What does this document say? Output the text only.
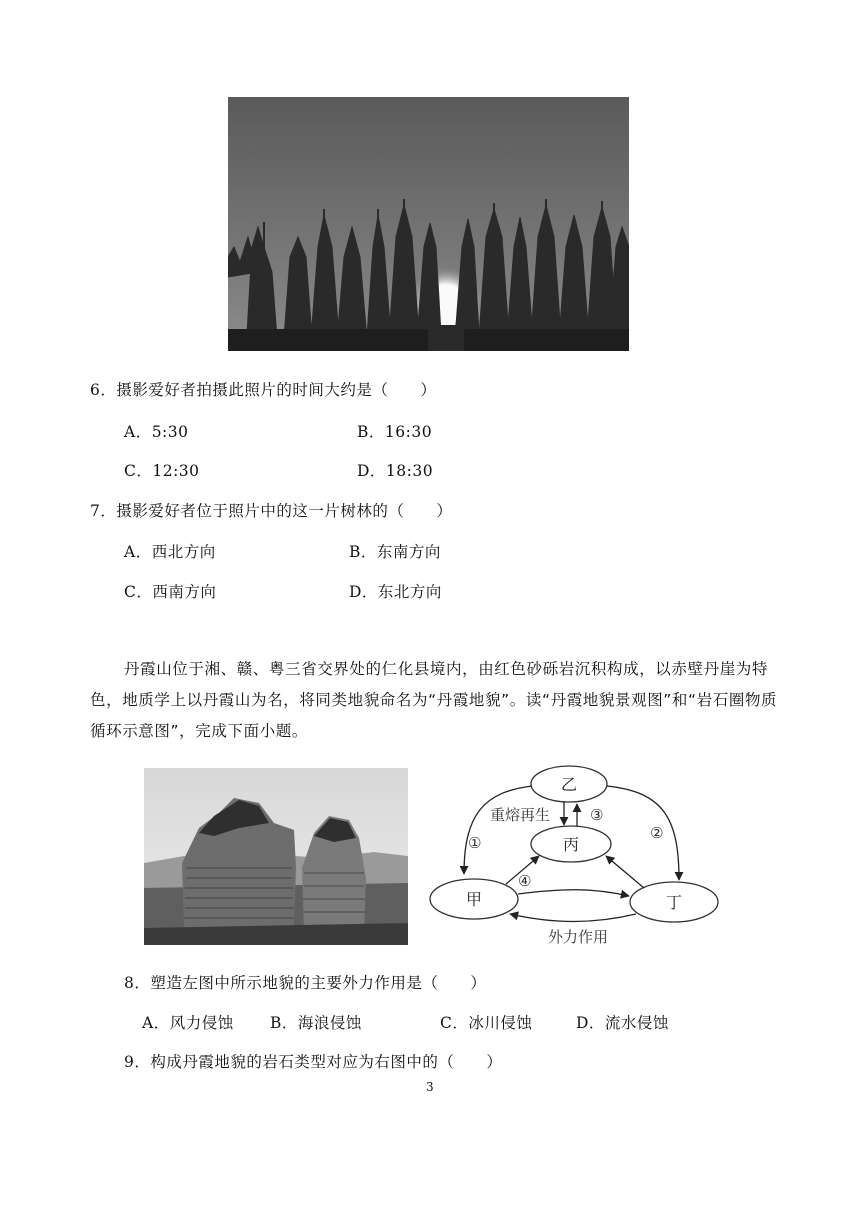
6．摄影爱好者拍摄此照片的时间大约是（　　）
A．5:30	B．16:30
C．12:30	D．18:30
7．摄影爱好者位于照片中的这一片树林的（　　）
A．西北方向	B．东南方向
C．西南方向	D．东北方向
丹霞山位于湘、赣、粤三省交界处的仁化县境内，由红色砂砾岩沉积构成，以赤壁丹崖为特色，地质学上以丹霞山为名，将同类地貌命名为“丹霞地貌”。读“丹霞地貌景观图”和“岩石圈物质循环示意图”，完成下面小题。
乙
丙
甲	丁
重熔再生
外力作用
①
②
③
④
8．塑造左图中所示地貌的主要外力作用是（　　）
A．风力侵蚀 B．海浪侵蚀	C．冰川侵蚀	D．流水侵蚀
9．构成丹霞地貌的岩石类型对应为右图中的（　　）
3
